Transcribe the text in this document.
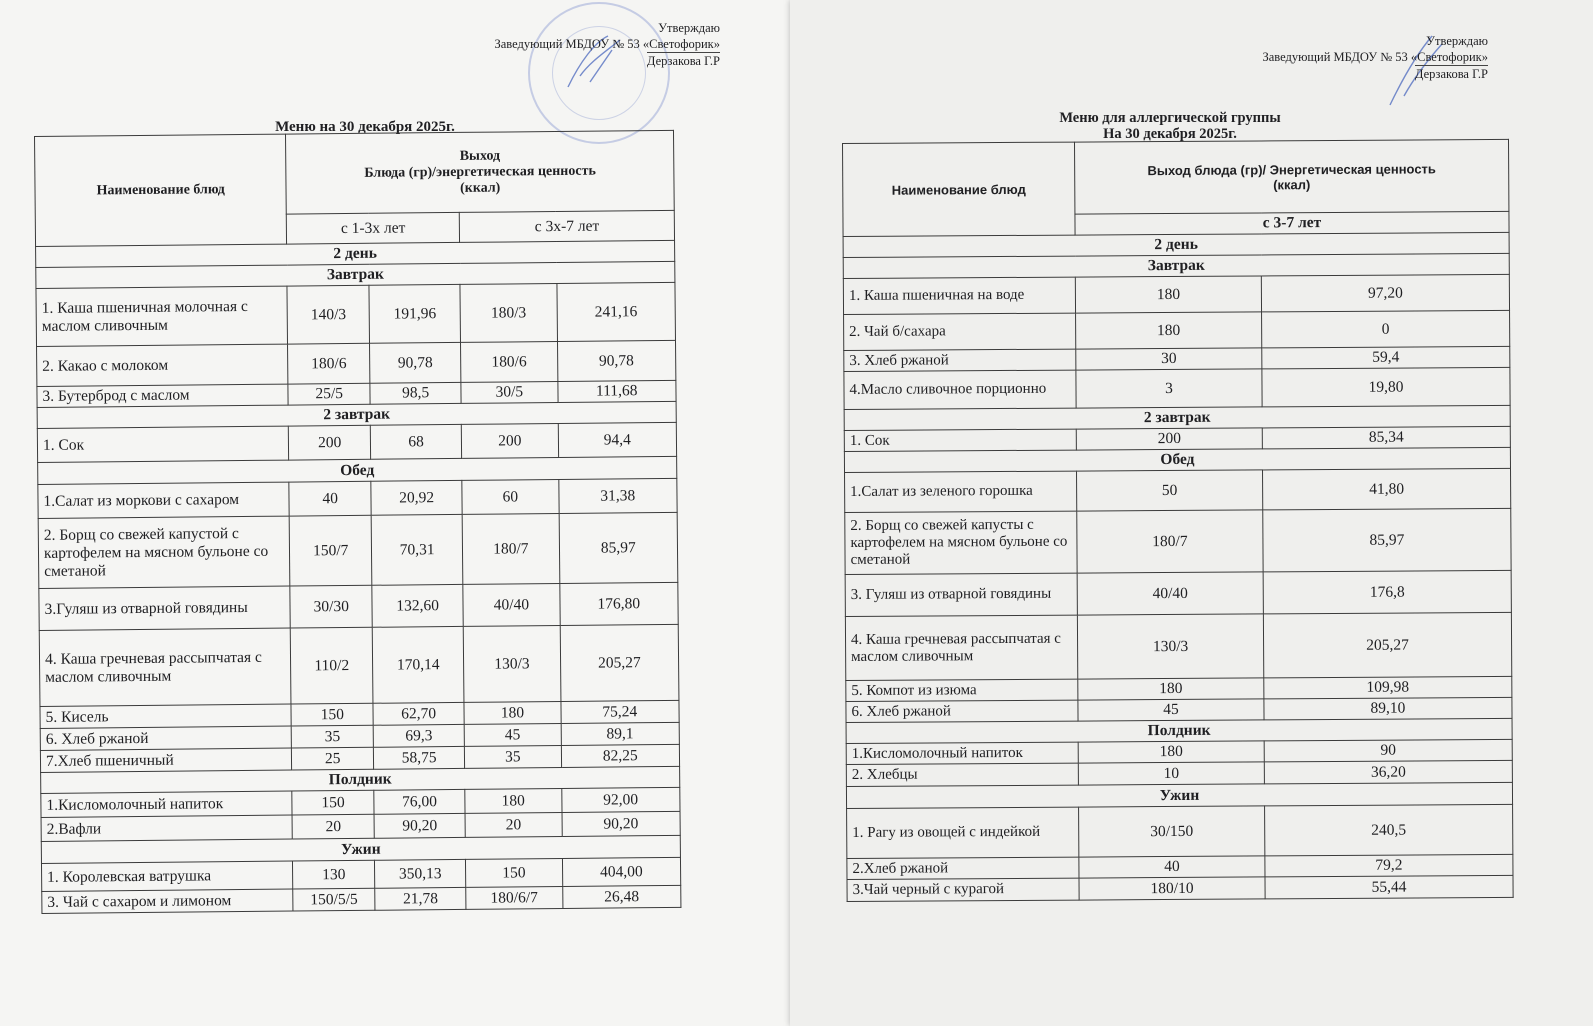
Утверждаю
Заведующий МБДОУ № 53 «Светофорик»
Дерзакова Г.Р
Меню на 30 декабря 2025г.
Наименование блюд	Выход
Блюда (гр)/энергетическая ценность
(ккал)			

	с 1-3х лет		с 3х-7 лет	
2 день				
Завтрак				
1. Каша пшеничная молочная с маслом сливочным	140/3	191,96	180/3	241,16
2. Какао с молоком	180/6	90,78	180/6	90,78
3. Бутерброд с маслом	25/5	98,5	30/5	111,68
2 завтрак				
1. Сок	200	68	200	94,4
Обед				
1.Салат из моркови с сахаром	40	20,92	60	31,38
2. Борщ со свежей капустой с картофелем на мясном бульоне со сметаной	150/7	70,31	180/7	85,97
3.Гуляш из отварной говядины	30/30	132,60	40/40	176,80
4. Каша гречневая рассыпчатая с маслом сливочным	110/2	170,14	130/3	205,27
5. Кисель	150	62,70	180	75,24
6. Хлеб ржаной	35	69,3	45	89,1
7.Хлеб пшеничный	25	58,75	35	82,25
Полдник				
1.Кисломолочный напиток	150	76,00	180	92,00
2.Вафли	20	90,20	20	90,20
Ужин				
1. Королевская ватрушка	130	350,13	150	404,00
3. Чай с сахаром и лимоном	150/5/5	21,78	180/6/7	26,48
Утверждаю
Заведующий МБДОУ № 53 «Светофорик»
Дерзакова Г.Р
Меню для аллергической группы
На 30 декабря 2025г.
Наименование блюд	Выход блюда (гр)/ Энергетическая ценность
(ккал)	

	с 3-7 лет	
2 день		
Завтрак		
1. Каша пшеничная на воде	180	97,20
2. Чай б/сахара	180	0
3. Хлеб ржаной	30	59,4
4.Масло сливочное порционно	3	19,80
2 завтрак		
1. Сок	200	85,34
Обед		
1.Салат из зеленого горошка	50	41,80
2. Борщ со свежей капусты с картофелем на мясном бульоне со сметаной	180/7	85,97
3. Гуляш из отварной говядины	40/40	176,8
4. Каша гречневая рассыпчатая с маслом сливочным	130/3	205,27
5. Компот из изюма	180	109,98
6. Хлеб ржаной	45	89,10
Полдник		
1.Кисломолочный напиток	180	90
2. Хлебцы	10	36,20
Ужин		
1. Рагу из овощей с индейкой	30/150	240,5
2.Хлеб ржаной	40	79,2
3.Чай черный с курагой	180/10	55,44
